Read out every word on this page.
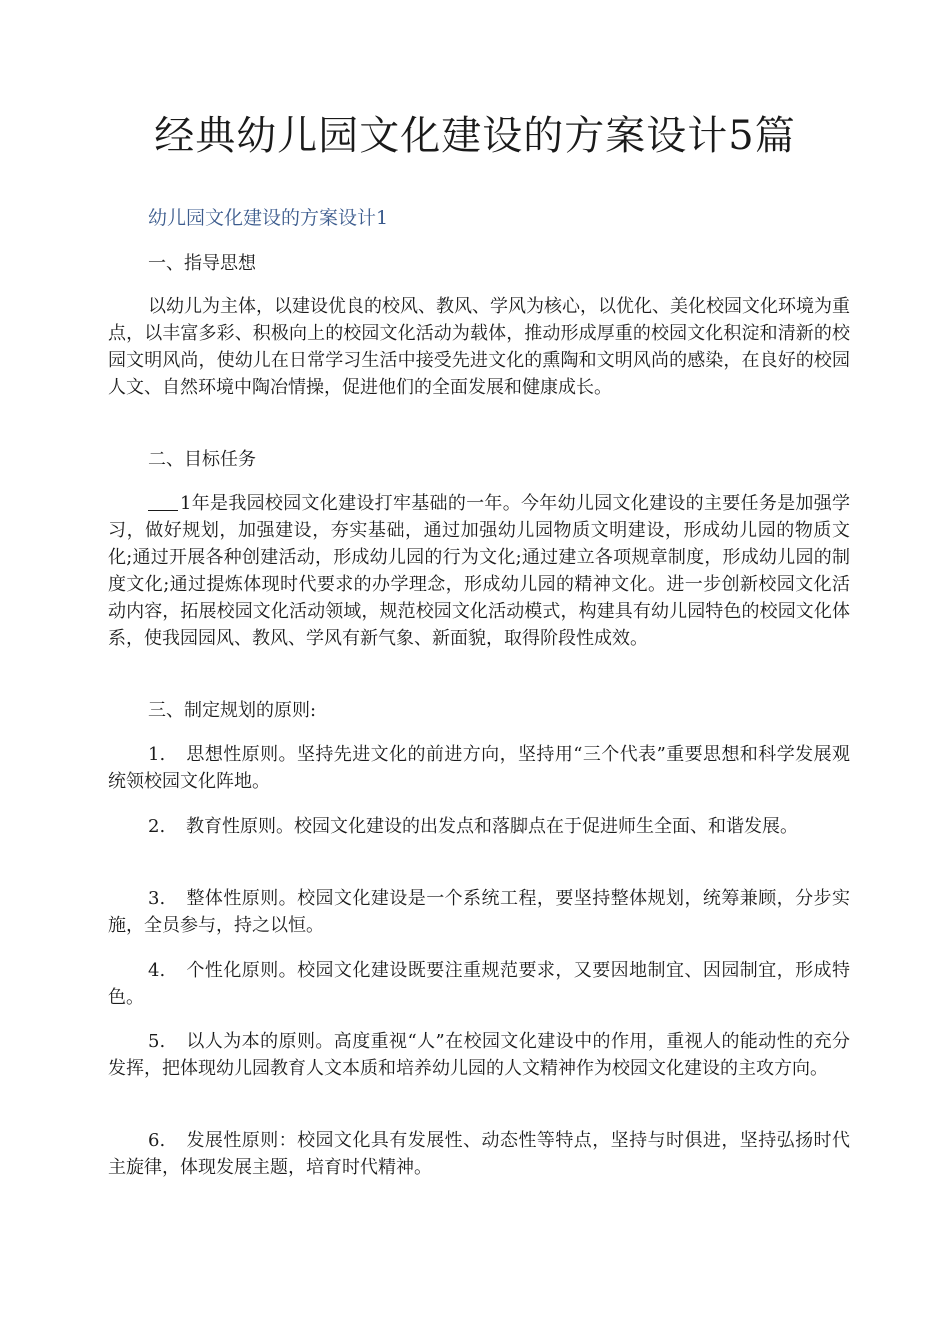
经典幼儿园文化建设的方案设计5篇

幼儿园文化建设的方案设计1

一、指导思想

以幼儿为主体，以建设优良的校风、教风、学风为核心，以优化、美化校园文化环境为重点，以丰富多彩、积极向上的校园文化活动为载体，推动形成厚重的校园文化积淀和清新的校园文明风尚，使幼儿在日常学习生活中接受先进文化的熏陶和文明风尚的感染，在良好的校园人文、自然环境中陶冶情操，促进他们的全面发展和健康成长。

二、目标任务

1年是我园校园文化建设打牢基础的一年。今年幼儿园文化建设的主要任务是加强学习，做好规划，加强建设，夯实基础，通过加强幼儿园物质文明建设，形成幼儿园的物质文化;通过开展各种创建活动，形成幼儿园的行为文化;通过建立各项规章制度，形成幼儿园的制度文化;通过提炼体现时代要求的办学理念，形成幼儿园的精神文化。进一步创新校园文化活动内容，拓展校园文化活动领域，规范校园文化活动模式，构建具有幼儿园特色的校园文化体系，使我园园风、教风、学风有新气象、新面貌，取得阶段性成效。

三、制定规划的原则:

1. 思想性原则。坚持先进文化的前进方向，坚持用“三个代表”重要思想和科学发展观统领校园文化阵地。

2. 教育性原则。校园文化建设的出发点和落脚点在于促进师生全面、和谐发展。

3. 整体性原则。校园文化建设是一个系统工程，要坚持整体规划，统筹兼顾，分步实施，全员参与，持之以恒。

4. 个性化原则。校园文化建设既要注重规范要求，又要因地制宜、因园制宜，形成特色。

5. 以人为本的原则。高度重视“人”在校园文化建设中的作用，重视人的能动性的充分发挥，把体现幼儿园教育人文本质和培养幼儿园的人文精神作为校园文化建设的主攻方向。

6. 发展性原则：校园文化具有发展性、动态性等特点，坚持与时俱进，坚持弘扬时代主旋律，体现发展主题，培育时代精神。
